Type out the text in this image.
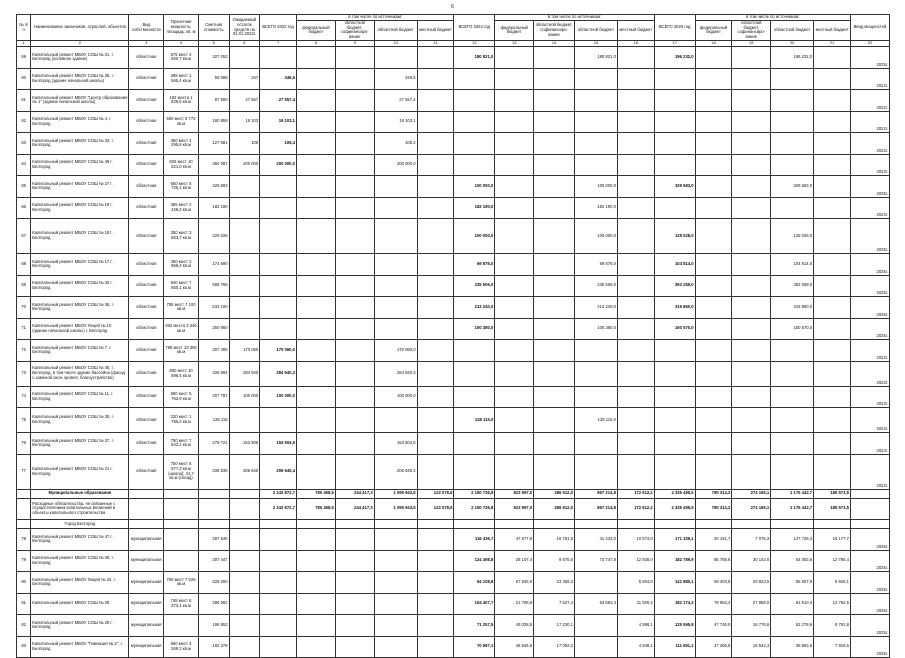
6
№ п/п	Наименование заказчиков, отраслей, объектов	Вид собственности	Проектная мощность, площадь, кв. м	Сметная стоимость	Ожидаемый остаток средств на 01.01.2022г.	ВСЕГО 2022 год	в том числе по источникам:				ВСЕГО 2024 год	в том числе по источникам:				ВСЕГО 2025 год	в том числе по источникам:				Ввод мощностей
							федеральный бюджет	областной бюджет, софинансиро-вание	областной бюджет	местный бюджет		федеральный бюджет	областной бюджет, софинансиро-вание	областной бюджет	местный бюджет		федеральный бюджет	областной бюджет, софинансиро-вание	областной бюджет	местный бюджет	
1	2	3	4	5	6	7	8	9	10	11	12	13	14	15	16	17	18	19	20	21	22
59	Капитальный ремонт МБОУ СОШ № 31, г. Белгород (основное здание)	областная	675 мест 4 560,7 кв.м	327 053							180 821,0			180 821,0		196 232,0			196 232,0		2025г.
60	Капитальный ремонт МБОУ СОШ № 35, г. Белгород (здание начальной школы)	областная	288 мест 1 565,4 кв.м	58 089	347	346,5			346,5												2022г.
61	Капитальный ремонт МБОУ "Центр образования № 1" (здание начальной школы)	областная	192 места 1 828,5 кв.м	87 500	27 557	27 557,4			27 557,4												2022г.
62	Капитальный ремонт МБОУ СОШ № 4, г. Белгород	областная	550 мест 5 772 кв.м	160 859	19 103	19 103,1			19 103,1												2022г.
63	Капитальный ремонт МБОУ СОШ № 33, г. Белгород	областная	450 мест 4 295,6 кв.м	127 681	105	105,4			105,4												2022г.
64	Капитальный ремонт МБОУ СОШ № 49 г. Белгород	областная	825 мест 10 321,0 кв.м	384 087	200 000	200 000,0			200 000,0												2023г.
65	Капитальный ремонт МБОУ СОШ № 27 г. Белгород	областная	650 мест 5 725,1 кв.м	429 583							100 000,0			100 000,0		329 583,0			329 583,0		2025г.
66	Капитальный ремонт МБОУ СОШ № 19 г. Белгород	областная	385 мест 2 428,2 кв.м	182 190							182 190,0			182 190,0							2024г.
67	Капитальный ремонт МБОУ СОШ № 18 г. Белгород	областная	350 мест 3 863,7 кв.м	229 028							100 000,0			100 000,0		129 028,0			129 028,0		2025г.
68	Капитальный ремонт МБОУ СОШ № 17 г. Белгород	областная	450 мест 2 868,4 кв.м	174 690							69 876,0			69 876,0		104 814,0			104 814,0		2025г.
69	Капитальный ремонт МБОУ СОШ № 40 г. Белгород	областная	840 мест 7 650,1 кв.м	588 765							235 506,0			235 506,0		353 259,0			353 259,0		2025г.
70	Капитальный ремонт МБОУ СОШ № 36, г. Белгород	областная	785 мест 7 100 кв.м	533 100							213 240,0			213 240,0		319 860,0			319 860,0		2025г.
71	Капитальный ремонт МБОУ Лицей № 10 (здание начальной школы) г. Белгород	областная	502 места 3 346 кв.м	250 950							100 380,0			100 380,0		150 570,0			150 570,0		2025г.
72	Капитальный ремонт МБОУ СОШ № 7, г. Белгород	областная	768 мест 10 306 кв.м	307 405	170 060	170 060,0			170 060,0												2023г.
73	Капитальный ремонт МБОУ СОШ № 45, г. Белгород, в том числе здание бассейна (фасад с заменой окон, кровля, благоустройство)	областная	850 мест 10 596,4 кв.м	425 894	284 940	284 940,3			284 940,3												2023г.
74	Капитальный ремонт МБОУ СОШ № 11, г. Белгород	областная	650 мест 5 763,9 кв.м	207 787	100 000	100 000,0			100 000,0												2023г.
75	Капитальный ремонт МБОУ СОШ № 30, г. Белгород	областная	220 мест 1 785,2 кв.м	128 115							128 115,0			128 115,0							2024г.
76	Капитальный ремонт МБОУ СОШ № 37, г. Белгород	областная	750 мест 7 642,2 кв.м	278 721	153 505	153 504,5			153 504,5												2023г.
77	Капитальный ремонт МБОУ СОШ № 21 г. Белгород	областная	750 мест 6 577,3 кв.м (школа); 41,7 кв.м (склад)	336 835	206 640	206 640,4			206 640,4												2023г.
	Муниципальные образования					2 243 872,7	780 458,5	244 417,3	1 095 943,5	123 078,6	2 150 736,8	823 997,0	286 912,0	867 214,8	172 612,2	2 335 495,5	780 314,2	274 165,1	1 175 442,7	185 573,5	
	Расходные обязательства, не связанные с осуществлением капитальных вложений в объекты капитального строительства					2 243 872,7	780 458,5	244 417,3	1 095 943,5	123 078,6	2 150 736,8	823 997,0	286 912,0	867 214,8	172 612,2	2 335 495,5	780 314,2	274 165,1	1 175 442,7	185 573,5	
	Город Белгород																				
78	Капитальный ремонт МБОУ СОШ № 47 г. Белгород	муниципальная		287 546							116 436,7	47 677,5	16 751,5	41 433,0	10 574,0	171 109,1	20 151,7	7 075,3	127 726,4	16 177,7	2025г.
79	Капитальный ремонт МБОУ СОШ № 39, г. Белгород	муниципальная		307 447							124 498,8	28 107,4	9 875,6	73 747,8	12 928,0	182 789,9	85 768,8	30 142,0	54 083,6	12 795,4	2025г.
80	Капитальный ремонт МБОУ Лицей № 32, г. Белгород	муниципальная	750 мест 7 026 кв.м	226 000							84 108,8	67 945,5	23 359,3		5 804,0	141 880,1	59 403,8	20 823,5	55 657,9	9 928,1	2025г.
81	Капитальный ремонт МБОУ СОШ № 29	муниципальная	748 мест 6 373,4 кв.м	286 582							104 407,7	21 708,6	7 627,4	63 583,3	11 500,4	182 174,2	79 564,4	27 958,0	61 910,3	12 752,5	2025г.
82	Капитальный ремонт МБОУ СОШ № 29 г. Белгород	муниципальная		196 853							71 257,5	49 038,5	17 230,1		4 988,1	125 595,8	47 748,0	16 776,6	52 278,6	8 791,8	2025г.
83	Капитальный ремонт МБОУ "Гимназия № 2", г. Белгород	муниципальная	660 мест 4 269,3 кв.м	182 378							70 687,1	48 646,8	17 092,2		4 948,1	111 691,1	47 366,8	16 642,4	39 863,6	7 818,5	2025г.
